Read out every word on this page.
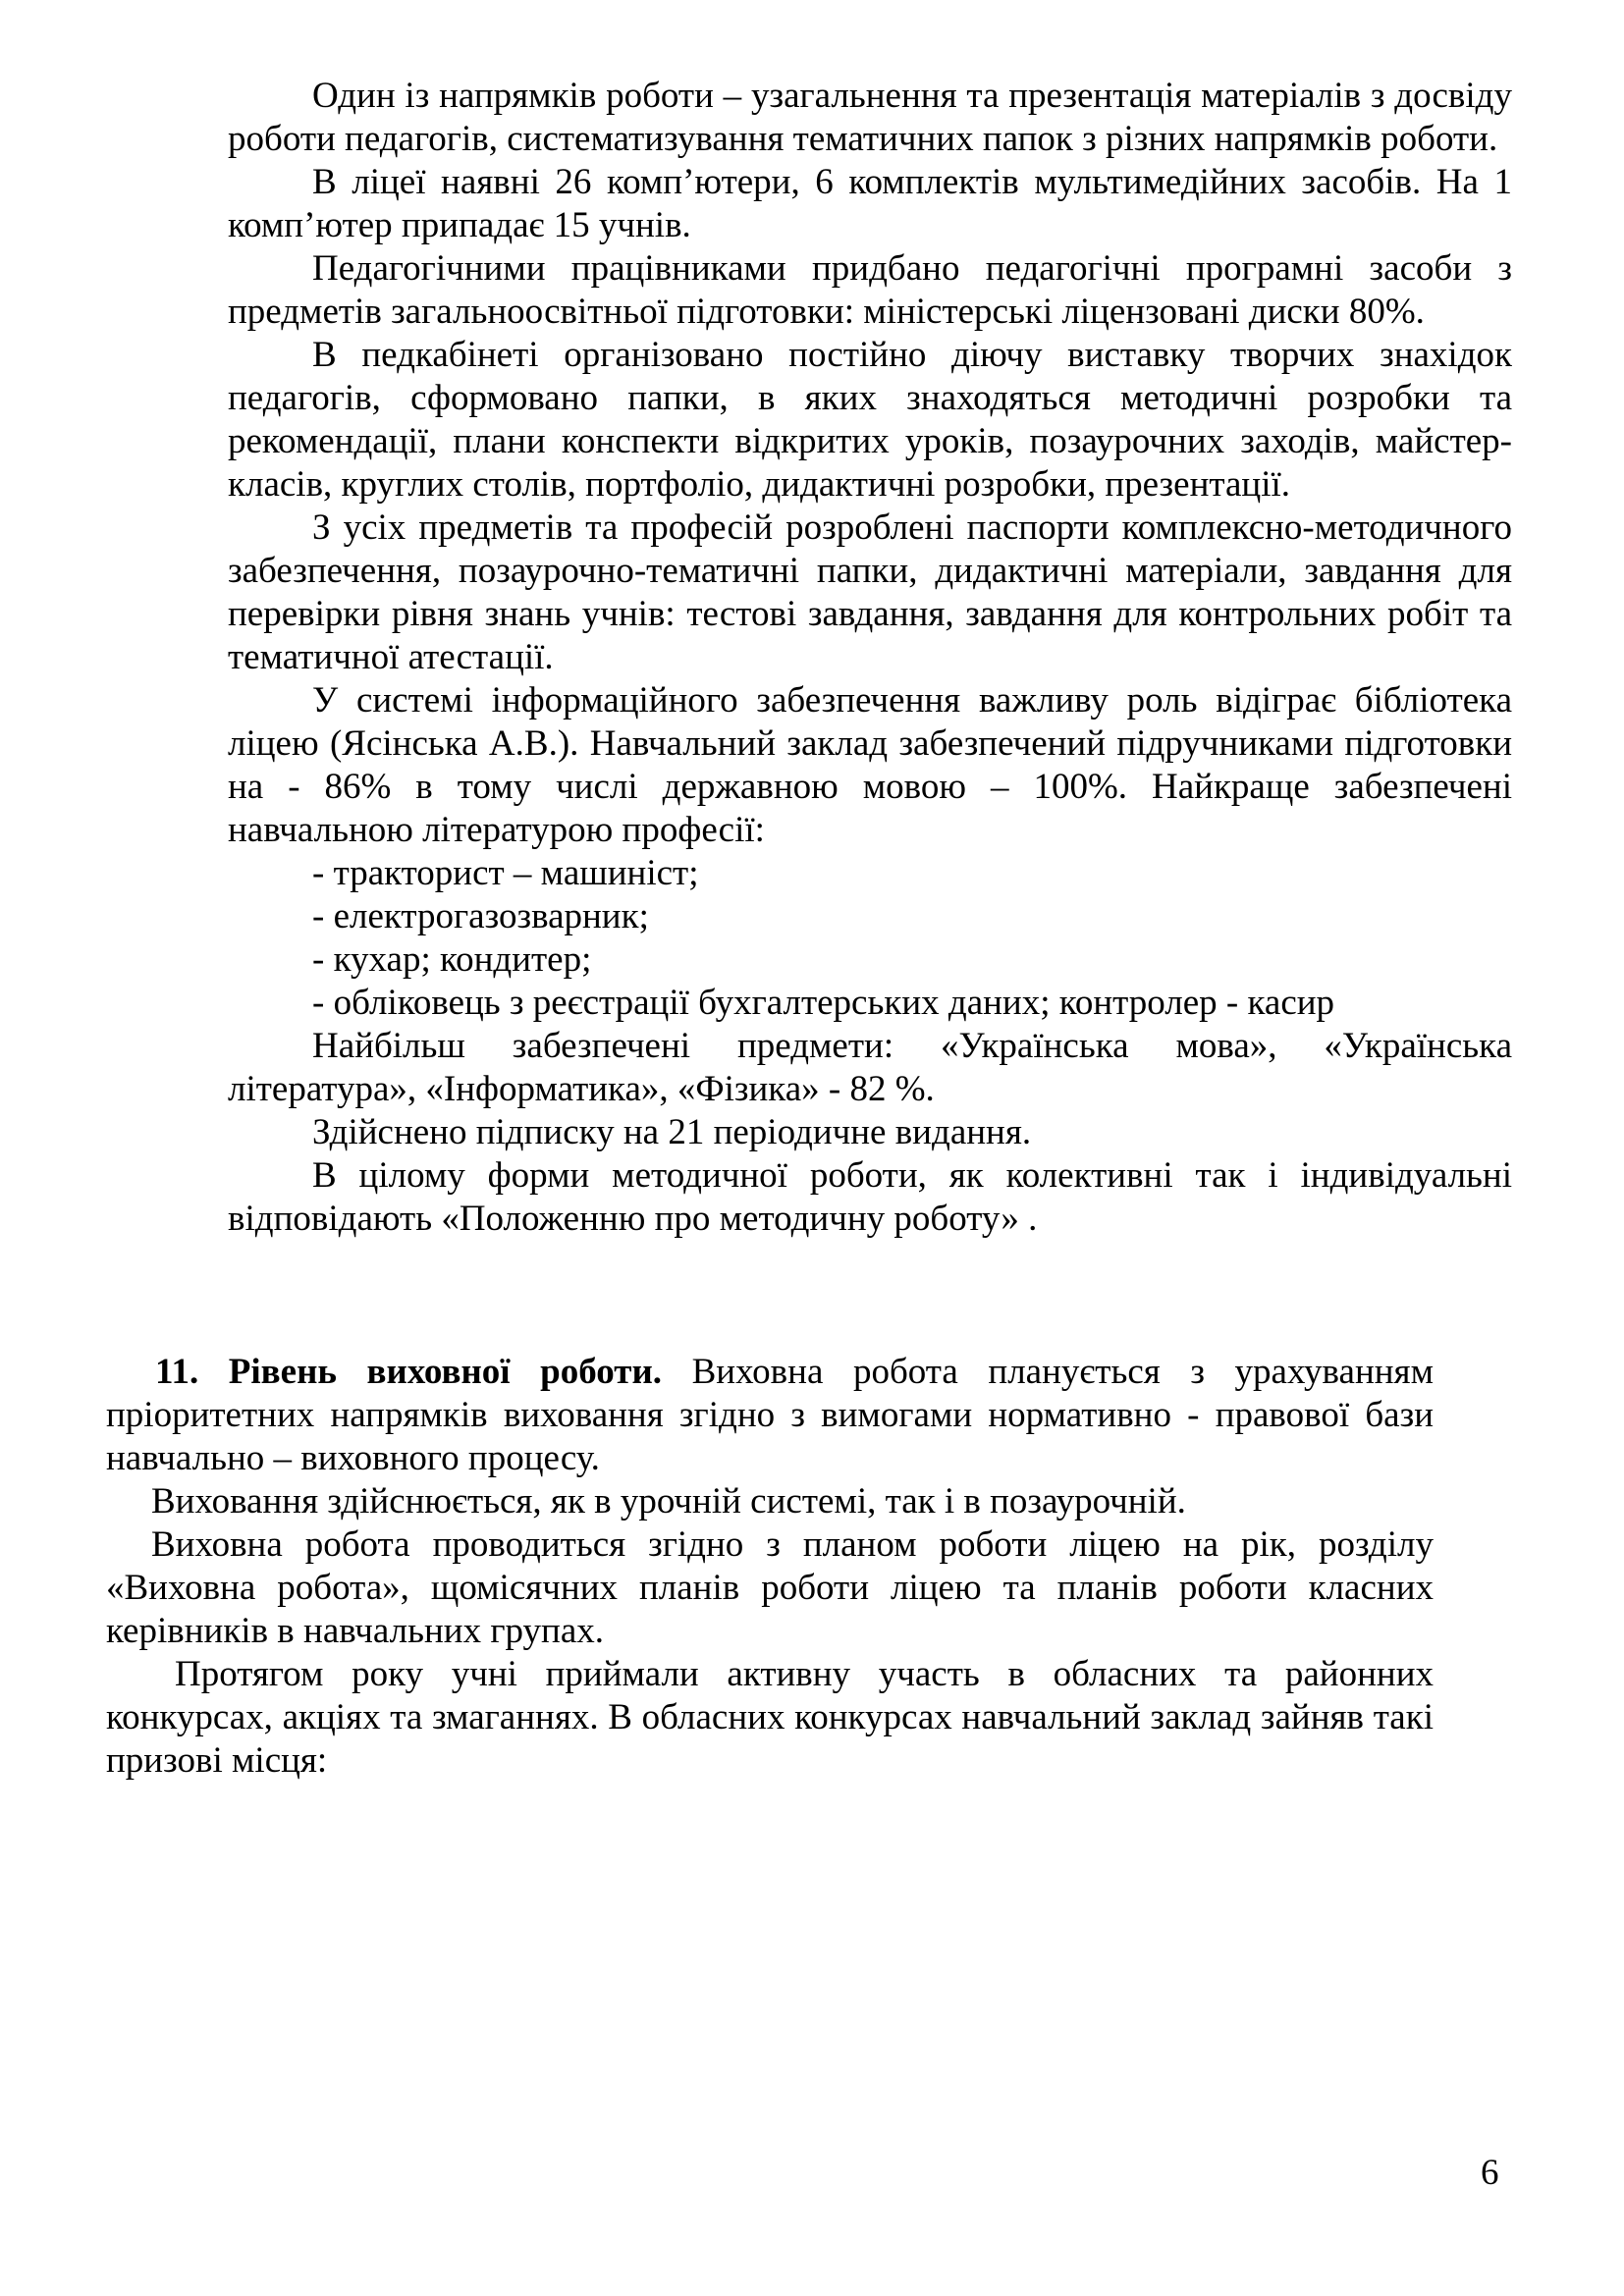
Один із напрямків роботи – узагальнення та презентація матеріалів з досвіду роботи педагогів, систематизування тематичних папок з різних напрямків роботи.

В ліцеї наявні 26 комп’ютери, 6 комплектів мультимедійних засобів. На 1 комп’ютер припадає 15 учнів.

Педагогічними працівниками придбано педагогічні програмні засоби з предметів загальноосвітньої підготовки: міністерські ліцензовані диски 80%.

В педкабінеті організовано постійно діючу виставку творчих знахідок педагогів, сформовано папки, в яких знаходяться методичні розробки та рекомендації, плани конспекти відкритих уроків, позаурочних заходів, майстер-класів, круглих столів, портфоліо, дидактичні розробки, презентації.

З усіх предметів та професій розроблені паспорти комплексно-методичного забезпечення, позаурочно-тематичні папки, дидактичні матеріали, завдання для перевірки рівня знань учнів: тестові завдання, завдання для контрольних робіт та тематичної атестації.

У системі інформаційного забезпечення важливу роль відіграє бібліотека ліцею (Ясінська А.В.). Навчальний заклад забезпечений підручниками підготовки на - 86% в тому числі державною мовою – 100%. Найкраще забезпечені навчальною літературою професії:

- тракторист – машиніст;

- електрогазозварник;

- кухар; кондитер;

- обліковець з реєстрації бухгалтерських даних; контролер - касир

Найбільш забезпечені предмети: «Українська мова», «Українська література», «Інформатика», «Фізика» - 82 %.

Здійснено підписку на 21 періодичне видання.

В цілому форми методичної роботи, як колективні так і індивідуальні відповідають «Положенню про методичну роботу» .

11. Рівень виховної роботи. Виховна робота планується з урахуванням пріоритетних напрямків виховання згідно з вимогами нормативно - правової бази навчально – виховного процесу.

Виховання здійснюється, як в урочній системі, так і в позаурочній.

Виховна робота проводиться згідно з планом роботи ліцею на рік, розділу «Виховна робота», щомісячних планів роботи ліцею та планів роботи класних керівників в навчальних групах.

Протягом року учні приймали активну участь в обласних та районних конкурсах, акціях та змаганнях. В обласних конкурсах навчальний заклад зайняв такі призові місця:

6
